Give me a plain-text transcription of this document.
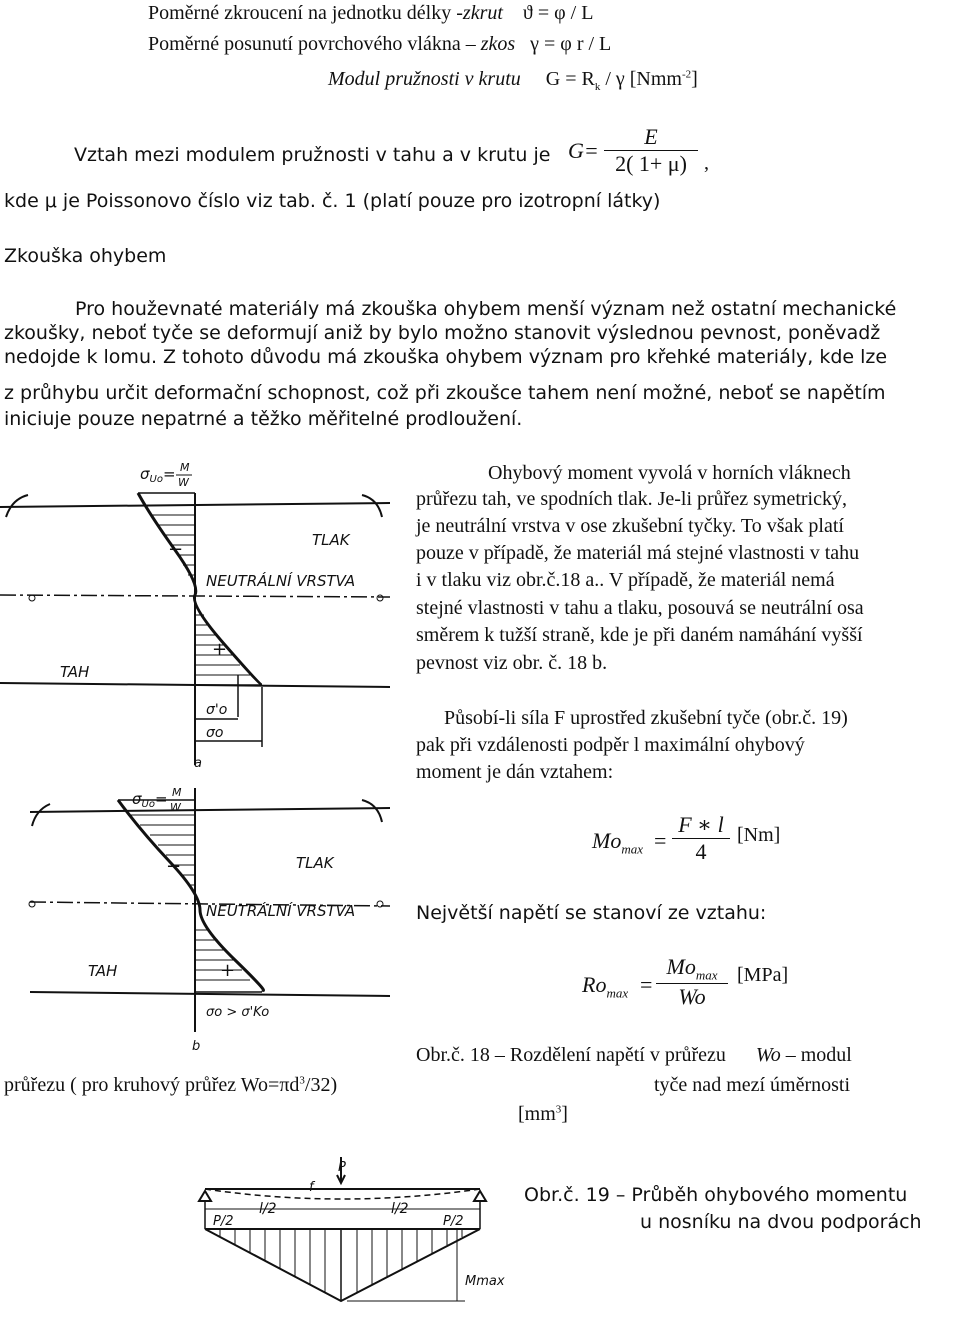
Poměrné zkroucení na jednotku délky -zkrut ϑ = φ / L
Poměrné posunutí povrchového vlákna – zkos γ = φ r / L
Modul pružnosti v krutu $G = R_k / \gamma$ [Nmm$^{-2}$]
Vztah mezi modulem pružnosti v tahu a v krutu je $G= \frac{E}{2( 1+ \mu)}$ ,
kde μ je Poissonovo číslo viz tab. č. 1 (platí pouze pro izotropní látky)
Zkouška ohybem
Pro houževnaté materiály má zkouška ohybem menší význam než ostatní mechanické
zkoušky, neboť tyče se deformují aniž by bylo možno stanovit výslednou pevnost, poněvadž
nedojde k lomu. Z tohoto důvodu má zkouška ohybem význam pro křehké materiály, kde lze
z průhybu určit deformační schopnost, což při zkoušce tahem není možné, neboť se napětím
iniciuje pouze nepatrné a těžko měřitelné prodloužení.
Ohybový moment vyvolá v horních vláknech
průřezu tah, ve spodních tlak. Je-li průřez symetrický,
je neutrální vrstva v ose zkušební tyčky. To však platí
pouze v případě, že materiál má stejné vlastnosti v tahu
i v tlaku viz obr.č.18 a.. V případě, že materiál nemá
stejné vlastnosti v tahu a tlaku, posouvá se neutrální osa
směrem k tužší straně, kde je při daném namáhání vyšší
pevnost viz obr. č. 18 b.
Působí-li síla F uprostřed zkušební tyče (obr.č. 19)
pak při vzdálenosti podpěr l maximální ohybový
moment je dán vztahem:
$Mo_{max} = \frac{F ∗ l}{4} [Nm]$
Největší napětí se stanoví ze vztahu:
$Ro_{max}$ =
$Mo_{max}$
Wo
[MPa]
Obr.č. 18 – Rozdělení napětí v průřezu Wo – modul
průřezu ( pro kruhový průřez $Wo=\pi d^3/32$)	tyče nad mezí úměrnosti
$[mm^3]$
Obr.č. 19 – Průběh ohybového momentu
u nosníku na dvou podporách
$\sigma_{Uo}= M$
W
TLAK
NEUTRÁLNÍ VRSTVA
−
+
TAH
σ'o
σo
a
$\sigma_{Uo}= M$
W
TLAK
NEUTRÁLNÍ VRSTVA
−
+
TAH
σo > σ'Ko
b
P
f
l/2	l/2
P/2	P/2
Mmax
